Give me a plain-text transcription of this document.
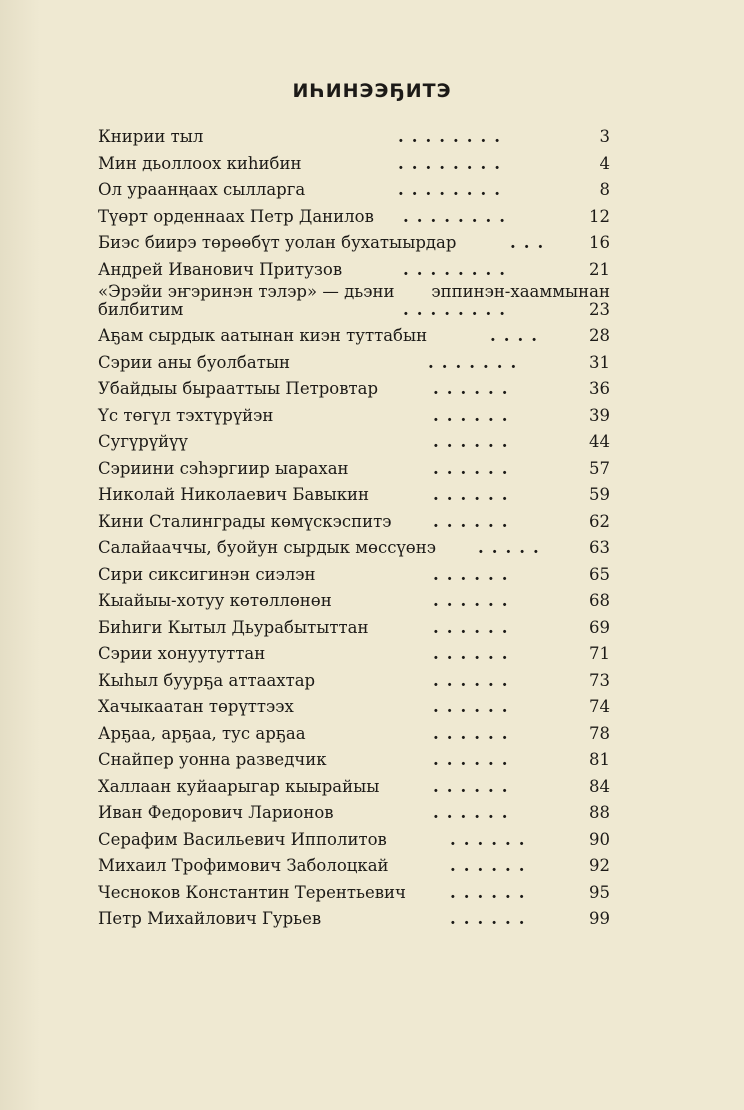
ИҺИНЭЭҔИТЭ
Книрии тыл	........	3
Мин дьоллоох киһибин	........	4
Ол ураанңаах сылларга	........	8
Түөрт орденнаах Петр Данилов ........	12
Биэс биирэ төрөөбүт уолан бухатыырдар	... 16
Андрей Иванович Притузов	........	21
«Эрэйи эҥэринэн тэлэр» — дьэни эппинэн-хааммынан
билбитим	........	23
Аҕам сырдык аатынан киэн туттабын	....	28
Сэрии аны буолбатын	.......	31
Убайдыы бырааттыы Петровтар	......	36
Үс төгүл тэхтүрүйэн	......	39
Сугүрүйүү	......	44
Сэриини сэһэргиир ыарахан	......	57
Николай Николаевич Бавыкин	......	59
Кини Сталинграды көмүскэспитэ	......	62
Салайааччы, буойун сырдык мөссүөнэ	.....	63
Сири сиксигинэн сиэлэн	......	65
Кыайыы-хотуу көтөллөнөн	......	68
Биһиги Кытыл Дьурабытыттан	......	69
Сэрии хонуутуттан	......	71
Кыһыл буурҕа аттаахтар	......	73
Хачыкаатан төрүттээх	......	74
Арҕаа, арҕаа, тус арҕаа	......	78
Снайпер уонна разведчик	......	81
Халлаан куйаарыгар кыырайыы	......	84
Иван Федорович Ларионов	......	88
Серафим Васильевич Ипполитов	......	90
Михаил Трофимович Заболоцкай	......	92
Чесноков Константин Терентьевич	......	95
Петр Михайлович Гурьев	......	99
